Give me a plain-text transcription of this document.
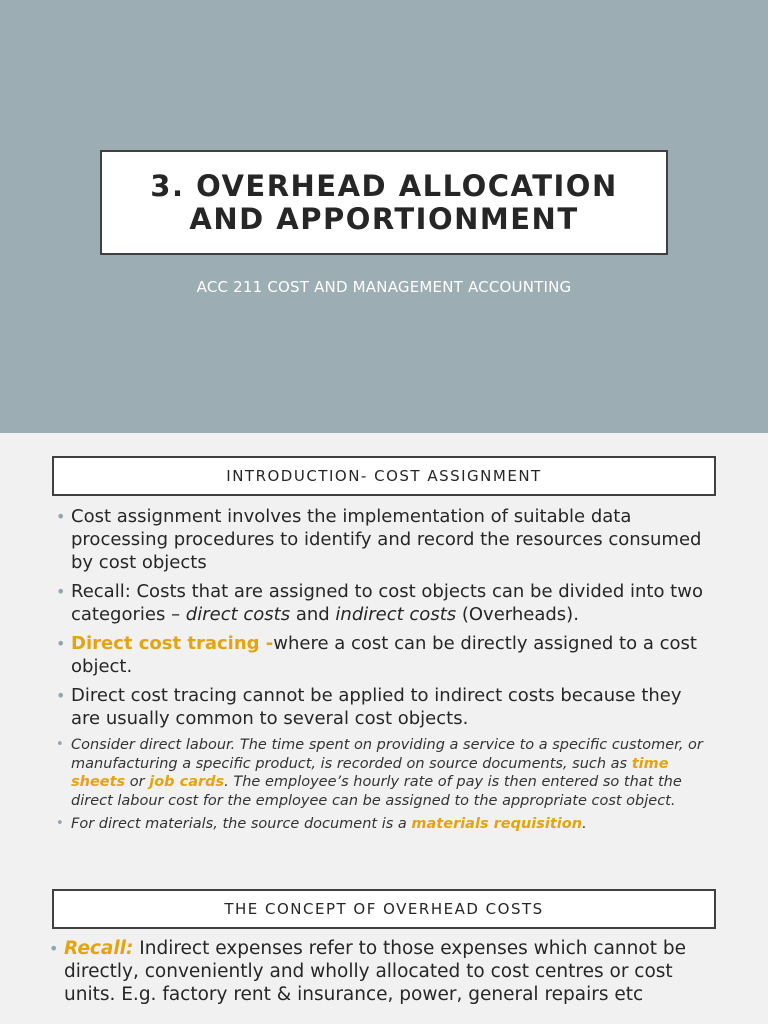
3. OVERHEAD ALLOCATION AND APPORTIONMENT
ACC 211 COST AND MANAGEMENT ACCOUNTING
INTRODUCTION- COST ASSIGNMENT
• Cost assignment involves the implementation of suitable data processing procedures to identify and record the resources consumed by cost objects
• Recall: Costs that are assigned to cost objects can be divided into two categories – direct costs and indirect costs (Overheads).
• Direct cost tracing -where a cost can be directly assigned to a cost object.
• Direct cost tracing cannot be applied to indirect costs because they are usually common to several cost objects.
• Consider direct labour. The time spent on providing a service to a specific customer, or manufacturing a specific product, is recorded on source documents, such as time sheets or job cards. The employee’s hourly rate of pay is then entered so that the direct labour cost for the employee can be assigned to the appropriate cost object.
• For direct materials, the source document is a materials requisition.
THE CONCEPT OF OVERHEAD COSTS
• Recall: Indirect expenses refer to those expenses which cannot be directly, conveniently and wholly allocated to cost centres or cost units. E.g. factory rent & insurance, power, general repairs etc
